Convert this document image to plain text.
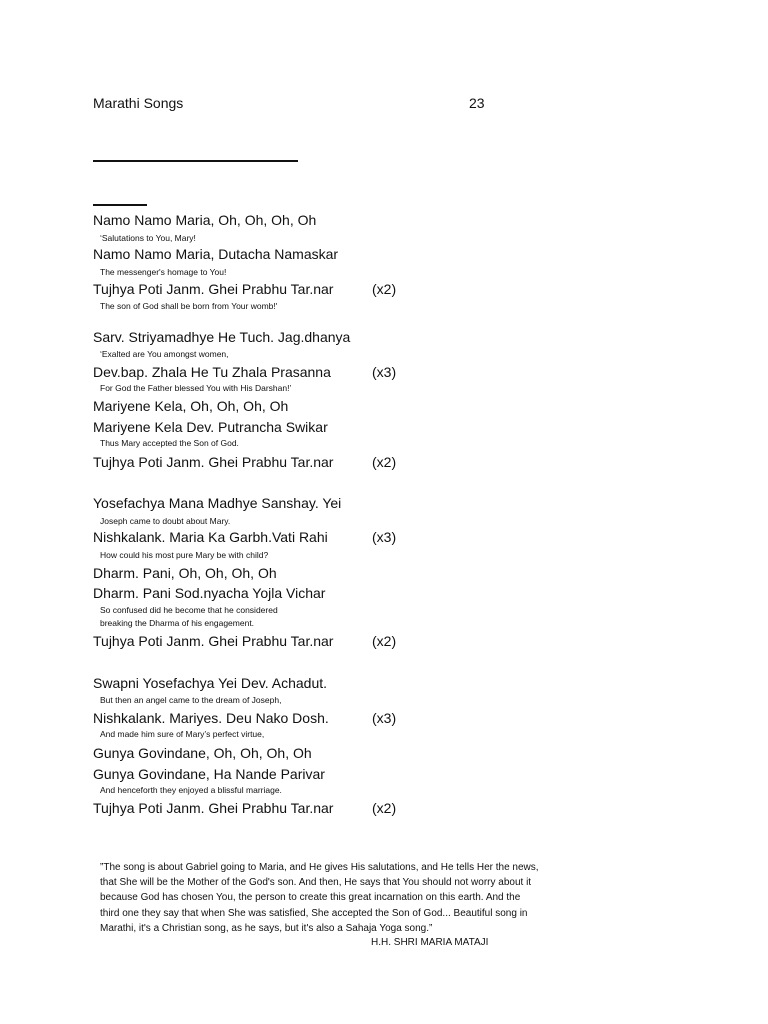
Marathi Songs	23
Namo Namo Maria, Oh, Oh, Oh, Oh
‘Salutations to You, Mary!
Namo Namo Maria, Dutacha Namaskar
The messenger's homage to You!
Tujhya Poti Janm. Ghei Prabhu Tar.nar	(x2)
The son of God shall be born from Your womb!'
Sarv. Striyamadhye He Tuch. Jag.dhanya
‘Exalted are You amongst women,
Dev.bap. Zhala He Tu Zhala Prasanna	(x3)
For God the Father blessed You with His Darshan!’
Mariyene Kela, Oh, Oh, Oh, Oh
Mariyene Kela Dev. Putrancha Swikar
Thus Mary accepted the Son of God.
Tujhya Poti Janm. Ghei Prabhu Tar.nar	(x2)
Yosefachya Mana Madhye Sanshay. Yei
Joseph came to doubt about Mary.
Nishkalank. Maria Ka Garbh.Vati Rahi	(x3)
How could his most pure Mary be with child?
Dharm. Pani, Oh, Oh, Oh, Oh
Dharm. Pani Sod.nyacha Yojla Vichar
So confused did he become that he considered
breaking the Dharma of his engagement.
Tujhya Poti Janm. Ghei Prabhu Tar.nar	(x2)
Swapni Yosefachya Yei Dev. Achadut.
But then an angel came to the dream of Joseph,
Nishkalank. Mariyes. Deu Nako Dosh.	(x3)
And made him sure of Mary’s perfect virtue,
Gunya Govindane, Oh, Oh, Oh, Oh
Gunya Govindane, Ha Nande Parivar
And henceforth they enjoyed a blissful marriage.
Tujhya Poti Janm. Ghei Prabhu Tar.nar	(x2)
”The song is about Gabriel going to Maria, and He gives His salutations, and He tells Her the news, that She will be the Mother of the God's son. And then, He says that You should not worry about it because God has chosen You, the person to create this great incarnation on this earth. And the third one they say that when She was satisfied, She accepted the Son of God... Beautiful song in Marathi, it's a Christian song, as he says, but it's also a Sahaja Yoga song.”
H.H. SHRI MARIA MATAJI
